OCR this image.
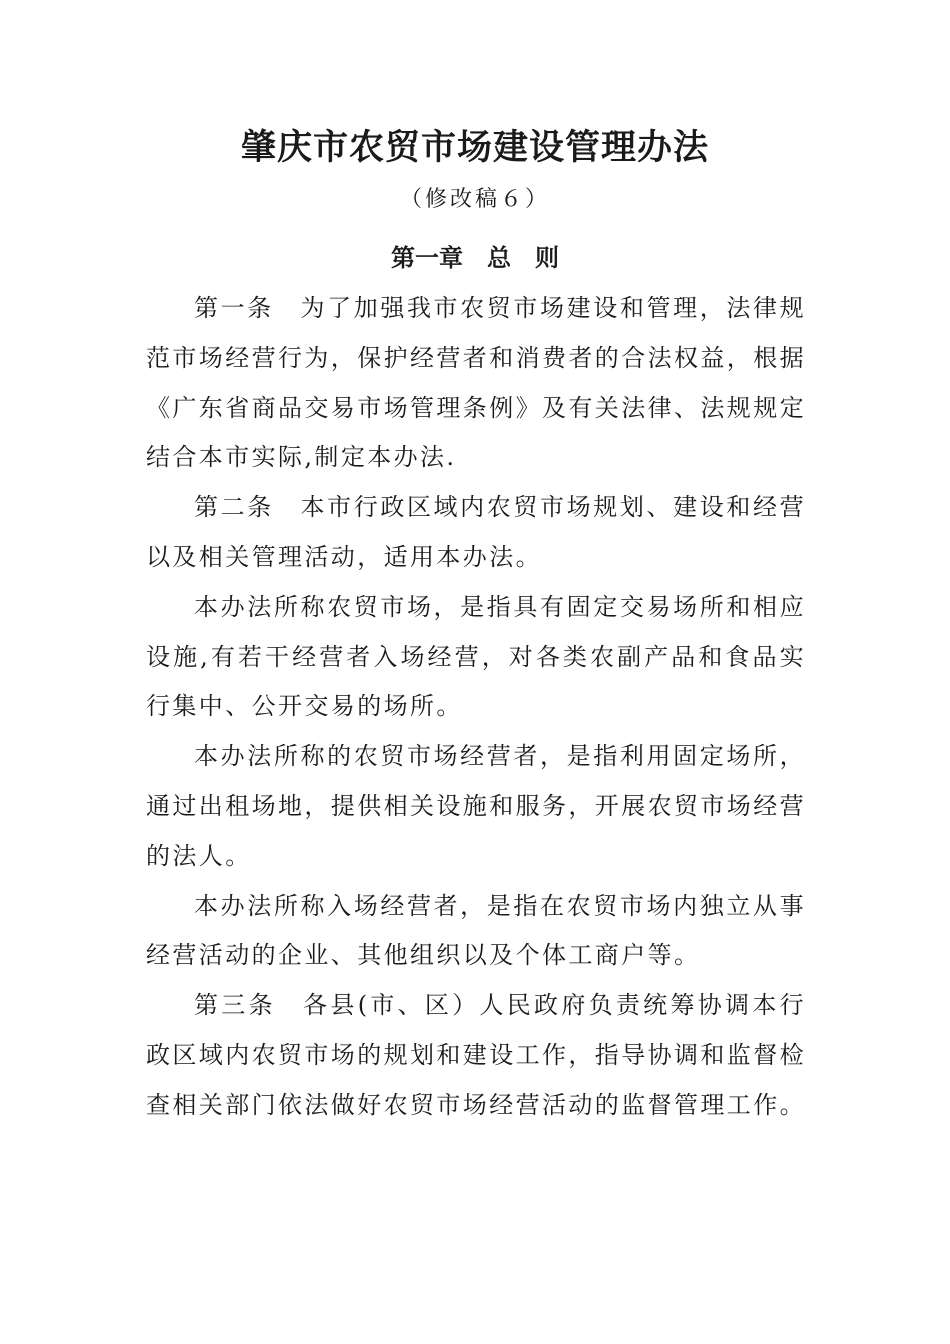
肇庆市农贸市场建设管理办法
（修改稿６）
第一章　总　则

第一条　为了加强我市农贸市场建设和管理，法律规范市场经营行为，保护经营者和消费者的合法权益，根据《广东省商品交易市场管理条例》及有关法律、法规规定结合本市实际,制定本办法.

第二条　本市行政区域内农贸市场规划、建设和经营以及相关管理活动，适用本办法。

本办法所称农贸市场，是指具有固定交易场所和相应设施,有若干经营者入场经营，对各类农副产品和食品实行集中、公开交易的场所。

本办法所称的农贸市场经营者，是指利用固定场所，通过出租场地，提供相关设施和服务，开展农贸市场经营的法人。

本办法所称入场经营者，是指在农贸市场内独立从事经营活动的企业、其他组织以及个体工商户等。

第三条　各县(市、区）人民政府负责统筹协调本行政区域内农贸市场的规划和建设工作，指导协调和监督检查相关部门依法做好农贸市场经营活动的监督管理工作。
